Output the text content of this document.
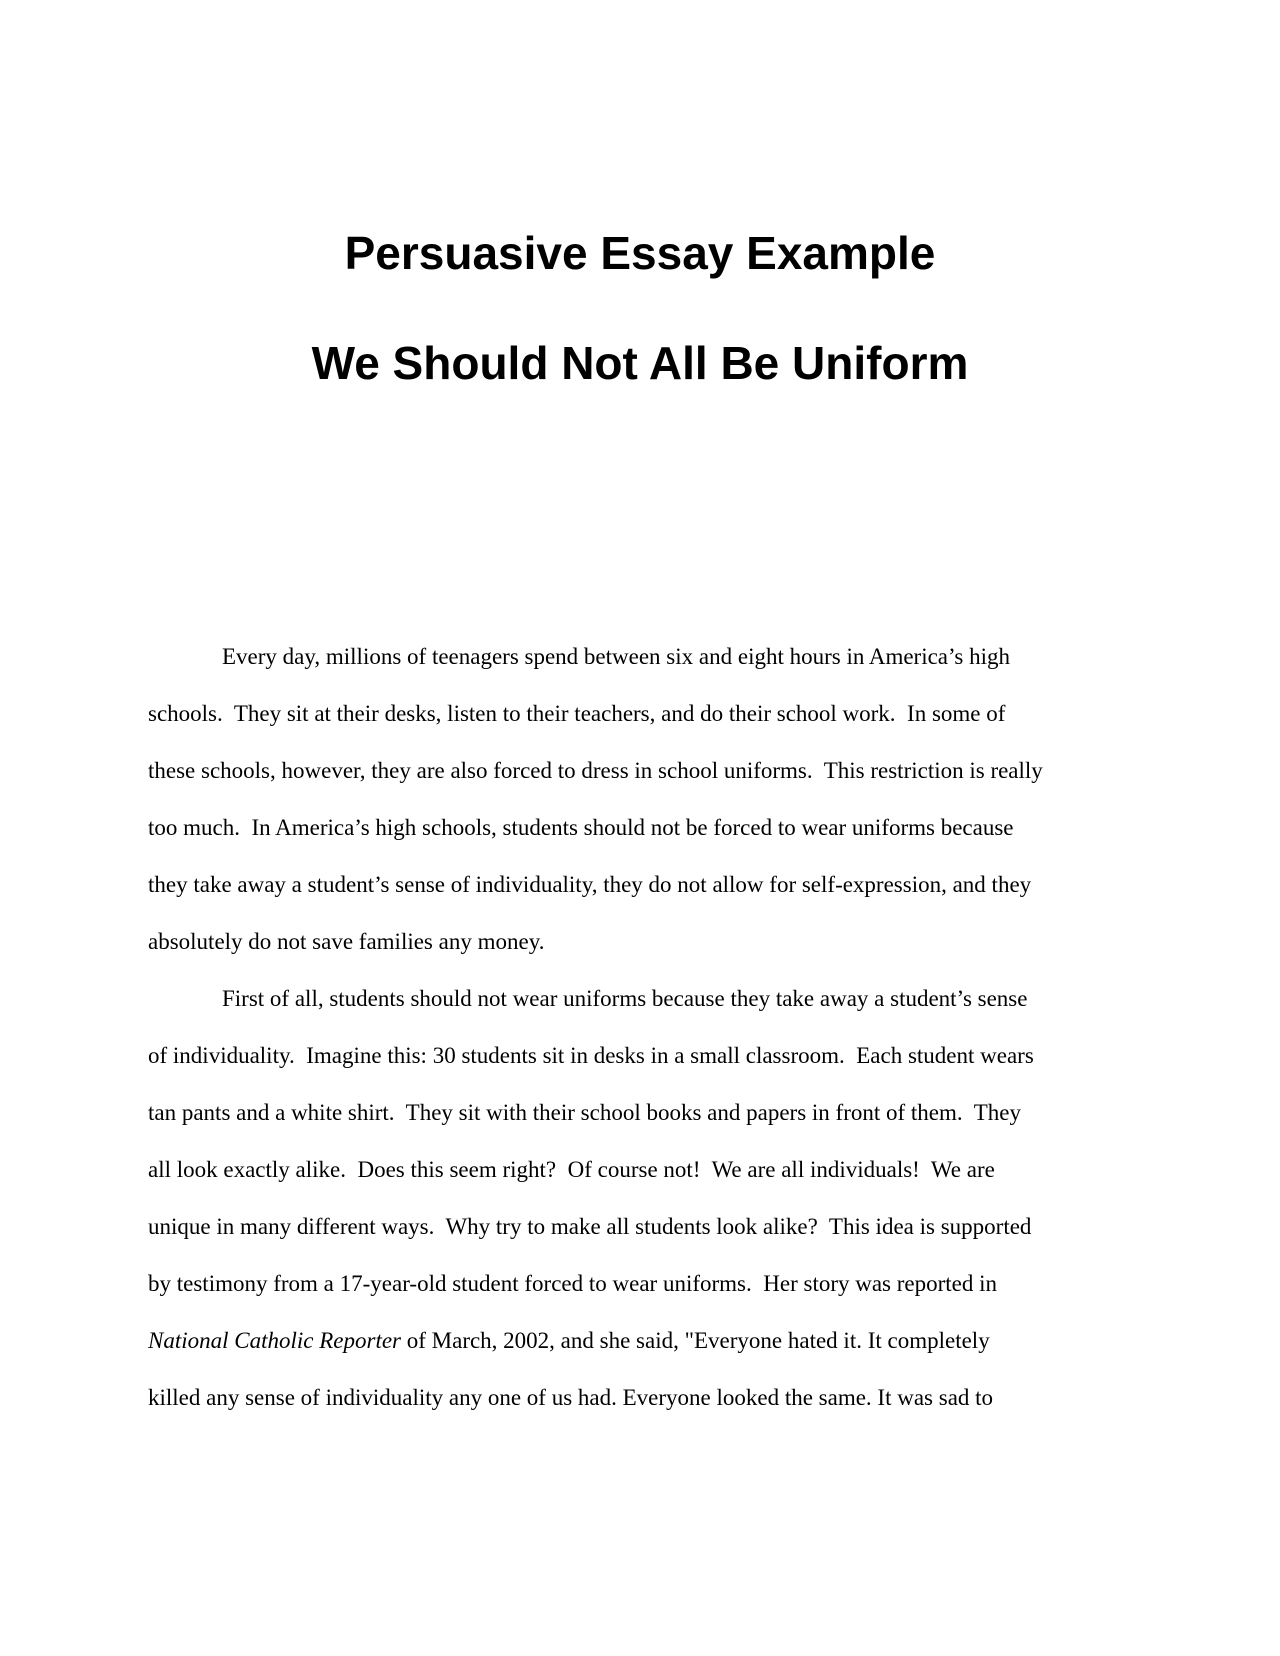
Persuasive Essay Example
We Should Not All Be Uniform
Every day, millions of teenagers spend between six and eight hours in America’s high
schools.  They sit at their desks, listen to their teachers, and do their school work.  In some of
these schools, however, they are also forced to dress in school uniforms.  This restriction is really
too much.  In America’s high schools, students should not be forced to wear uniforms because
they take away a student’s sense of individuality, they do not allow for self-expression, and they
absolutely do not save families any money.
First of all, students should not wear uniforms because they take away a student’s sense
of individuality.  Imagine this: 30 students sit in desks in a small classroom.  Each student wears
tan pants and a white shirt.  They sit with their school books and papers in front of them.  They
all look exactly alike.  Does this seem right?  Of course not!  We are all individuals!  We are
unique in many different ways.  Why try to make all students look alike?  This idea is supported
by testimony from a 17-year-old student forced to wear uniforms.  Her story was reported in
National Catholic Reporter of March, 2002, and she said, "Everyone hated it. It completely
killed any sense of individuality any one of us had. Everyone looked the same. It was sad to
